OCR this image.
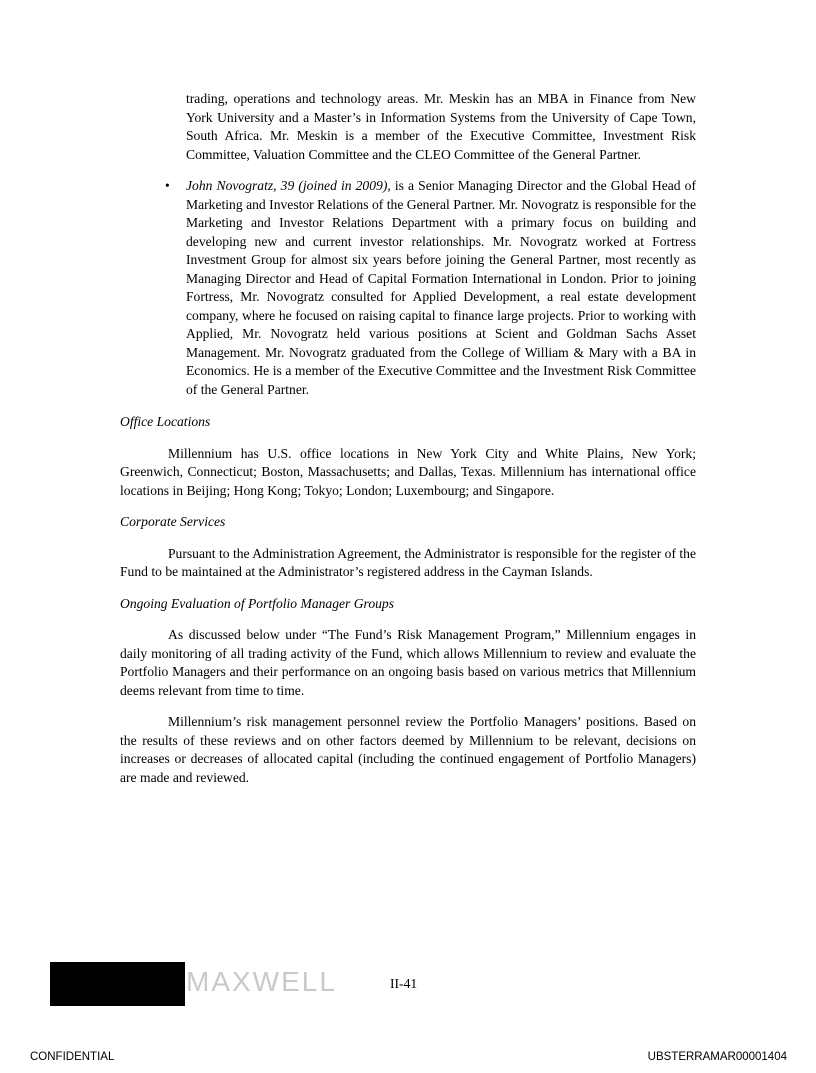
trading, operations and technology areas. Mr. Meskin has an MBA in Finance from New York University and a Master’s in Information Systems from the University of Cape Town, South Africa. Mr. Meskin is a member of the Executive Committee, Investment Risk Committee, Valuation Committee and the CLEO Committee of the General Partner.

• John Novogratz, 39 (joined in 2009), is a Senior Managing Director and the Global Head of Marketing and Investor Relations of the General Partner. Mr. Novogratz is responsible for the Marketing and Investor Relations Department with a primary focus on building and developing new and current investor relationships. Mr. Novogratz worked at Fortress Investment Group for almost six years before joining the General Partner, most recently as Managing Director and Head of Capital Formation International in London. Prior to joining Fortress, Mr. Novogratz consulted for Applied Development, a real estate development company, where he focused on raising capital to finance large projects. Prior to working with Applied, Mr. Novogratz held various positions at Scient and Goldman Sachs Asset Management. Mr. Novogratz graduated from the College of William & Mary with a BA in Economics. He is a member of the Executive Committee and the Investment Risk Committee of the General Partner.
Office Locations

Millennium has U.S. office locations in New York City and White Plains, New York; Greenwich, Connecticut; Boston, Massachusetts; and Dallas, Texas. Millennium has international office locations in Beijing; Hong Kong; Tokyo; London; Luxembourg; and Singapore.

Corporate Services

Pursuant to the Administration Agreement, the Administrator is responsible for the register of the Fund to be maintained at the Administrator’s registered address in the Cayman Islands.

Ongoing Evaluation of Portfolio Manager Groups

As discussed below under “The Fund’s Risk Management Program,” Millennium engages in daily monitoring of all trading activity of the Fund, which allows Millennium to review and evaluate the Portfolio Managers and their performance on an ongoing basis based on various metrics that Millennium deems relevant from time to time.

Millennium’s risk management personnel review the Portfolio Managers’ positions. Based on the results of these reviews and on other factors deemed by Millennium to be relevant, decisions on increases or decreases of allocated capital (including the continued engagement of Portfolio Managers) are made and reviewed.

MAXWELL	II-41
CONFIDENTIAL	UBSTERRAMAR00001404
